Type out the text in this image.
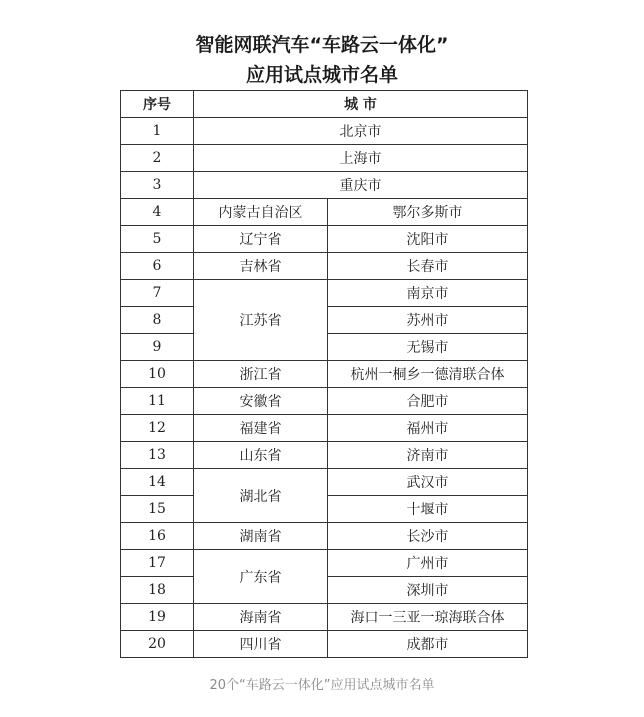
智能网联汽车“车路云一体化”
应用试点城市名单
序号	城 市	
1	北京市	
2	上海市	
3	重庆市	
4	内蒙古自治区	鄂尔多斯市
5	辽宁省	沈阳市
6	吉林省	长春市
7	江苏省	南京市
8		苏州市
9		无锡市
10	浙江省	杭州一桐乡一德清联合体
11	安徽省	合肥市
12	福建省	福州市
13	山东省	济南市
14	湖北省	武汉市
15		十堰市
16	湖南省	长沙市
17	广东省	广州市
18		深圳市
19	海南省	海口一三亚一琼海联合体
20	四川省	成都市
20个“车路云一体化”应用试点城市名单
